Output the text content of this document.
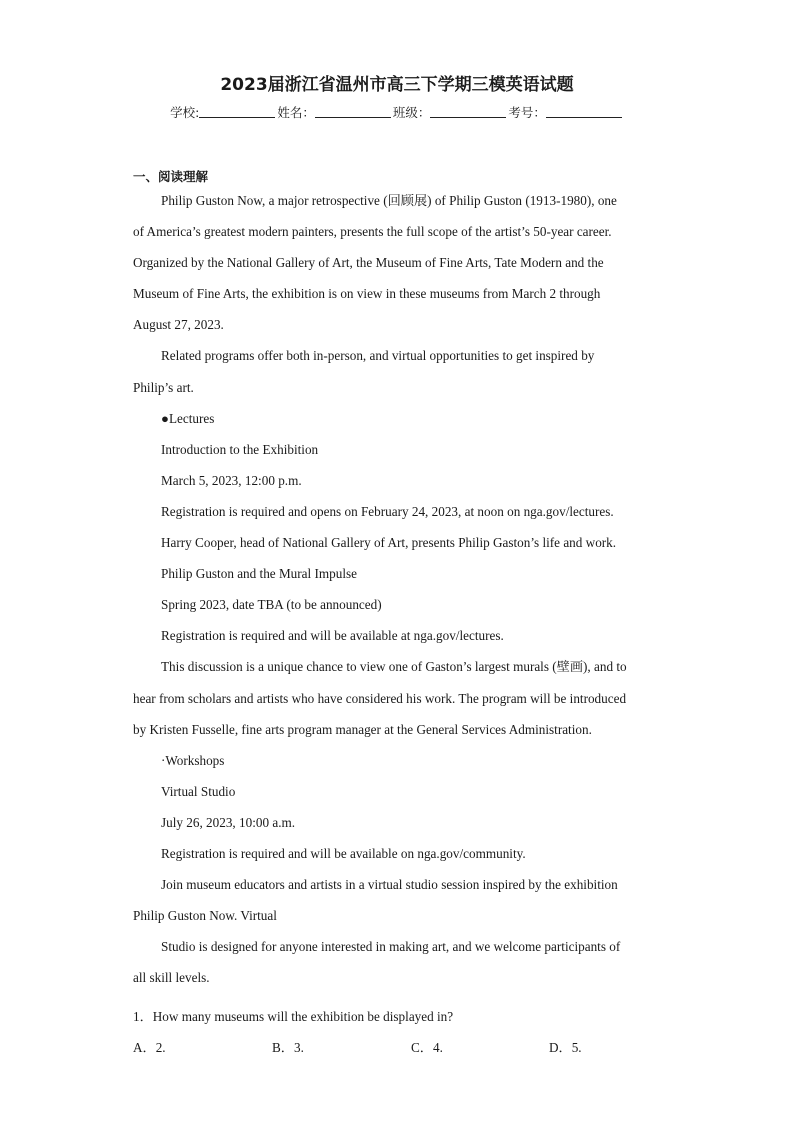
2023届浙江省温州市高三下学期三模英语试题
学校:	姓名：	班级：	考号：
一、阅读理解
Philip Guston Now, a major retrospective (回顾展) of Philip Guston (1913-1980), one
of America’s greatest modern painters, presents the full scope of the artist’s 50-year career.
Organized by the National Gallery of Art, the Museum of Fine Arts, Tate Modern and the
Museum of Fine Arts, the exhibition is on view in these museums from March 2 through
August 27, 2023.
Related programs offer both in-person, and virtual opportunities to get inspired by
Philip’s art.
●Lectures
Introduction to the Exhibition
March 5, 2023, 12:00 p.m.
Registration is required and opens on February 24, 2023, at noon on nga.gov/lectures.
Harry Cooper, head of National Gallery of Art, presents Philip Gaston’s life and work.
Philip Guston and the Mural Impulse
Spring 2023, date TBA (to be announced)
Registration is required and will be available at nga.gov/lectures.
This discussion is a unique chance to view one of Gaston’s largest murals (壁画), and to
hear from scholars and artists who have considered his work. The program will be introduced
by Kristen Fusselle, fine arts program manager at the General Services Administration.
·Workshops
Virtual Studio
July 26, 2023, 10:00 a.m.
Registration is required and will be available on nga.gov/community.
Join museum educators and artists in a virtual studio session inspired by the exhibition
Philip Guston Now. Virtual
Studio is designed for anyone interested in making art, and we welcome participants of
all skill levels.
1．How many museums will the exhibition be displayed in?
A．2.	B．3.	C．4.	D．5.
